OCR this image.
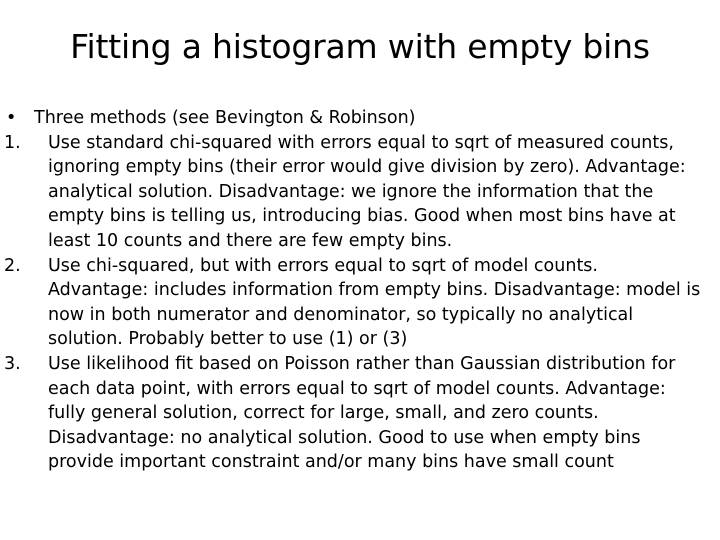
Fitting a histogram with empty bins
•	Three methods (see Bevington & Robinson)
1.	Use standard chi-squared with errors equal to sqrt of measured counts,
ignoring empty bins (their error would give division by zero). Advantage:
analytical solution. Disadvantage: we ignore the information that the
empty bins is telling us, introducing bias. Good when most bins have at
least 10 counts and there are few empty bins.
2.	Use chi-squared, but with errors equal to sqrt of model counts.
Advantage: includes information from empty bins. Disadvantage: model is
now in both numerator and denominator, so typically no analytical
solution. Probably better to use (1) or (3)
3.	Use likelihood fit based on Poisson rather than Gaussian distribution for
each data point, with errors equal to sqrt of model counts. Advantage:
fully general solution, correct for large, small, and zero counts.
Disadvantage: no analytical solution. Good to use when empty bins
provide important constraint and/or many bins have small count
